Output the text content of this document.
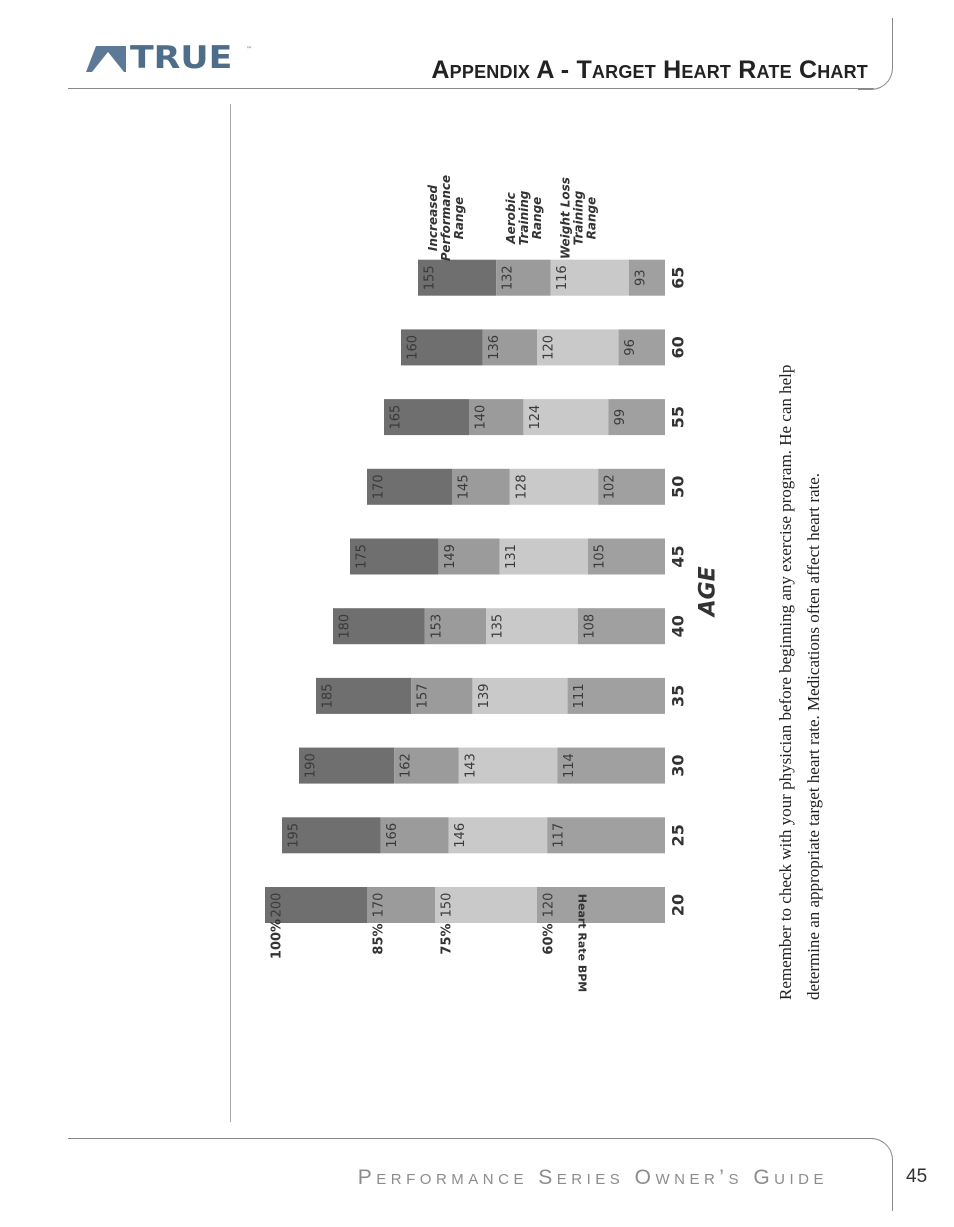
TRUE ™
Appendix A - Target Heart Rate Chart
200	170	150	120	20
195	166	146	117	25
190	162	143	114	30
185	157	139	111	35
180	153	135	108	40
175	149	131	105	45
170	145	128	102	50
165	140	124	99	55
160	136	120	96 60
155	132	116	93 65
100%	85%	75%	60% Heart Rate BPM
AGE
Increased Performance Range	Aerobic Training Range Weight Loss Training Range

Remember to check with your physician before beginning any exercise program. He can help determine an appropriate target heart rate. Medications often affect heart rate.

Performance Series Owner’s Guide	45
